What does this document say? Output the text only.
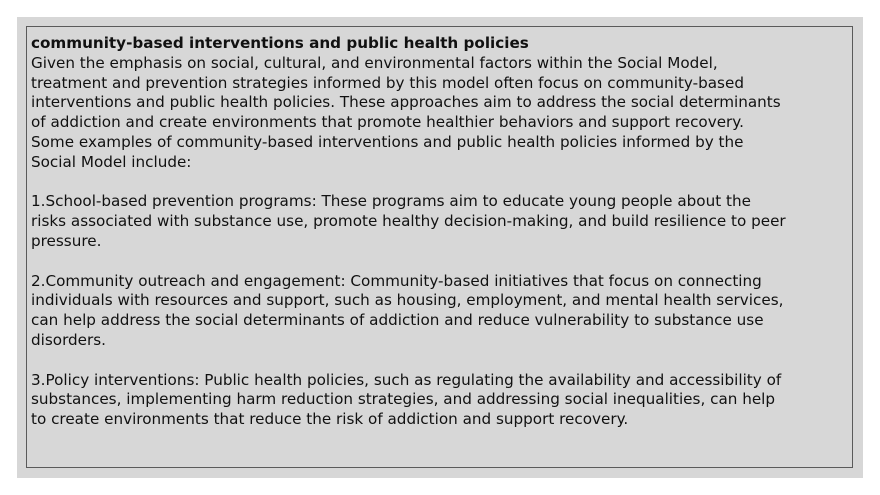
community-based interventions and public health policies
Given the emphasis on social, cultural, and environmental factors within the Social Model,
treatment and prevention strategies informed by this model often focus on community-based
interventions and public health policies. These approaches aim to address the social determinants
of addiction and create environments that promote healthier behaviors and support recovery.
Some examples of community-based interventions and public health policies informed by the
Social Model include:
1.School-based prevention programs: These programs aim to educate young people about the
risks associated with substance use, promote healthy decision-making, and build resilience to peer
pressure.
2.Community outreach and engagement: Community-based initiatives that focus on connecting
individuals with resources and support, such as housing, employment, and mental health services,
can help address the social determinants of addiction and reduce vulnerability to substance use
disorders.
3.Policy interventions: Public health policies, such as regulating the availability and accessibility of
substances, implementing harm reduction strategies, and addressing social inequalities, can help
to create environments that reduce the risk of addiction and support recovery.
